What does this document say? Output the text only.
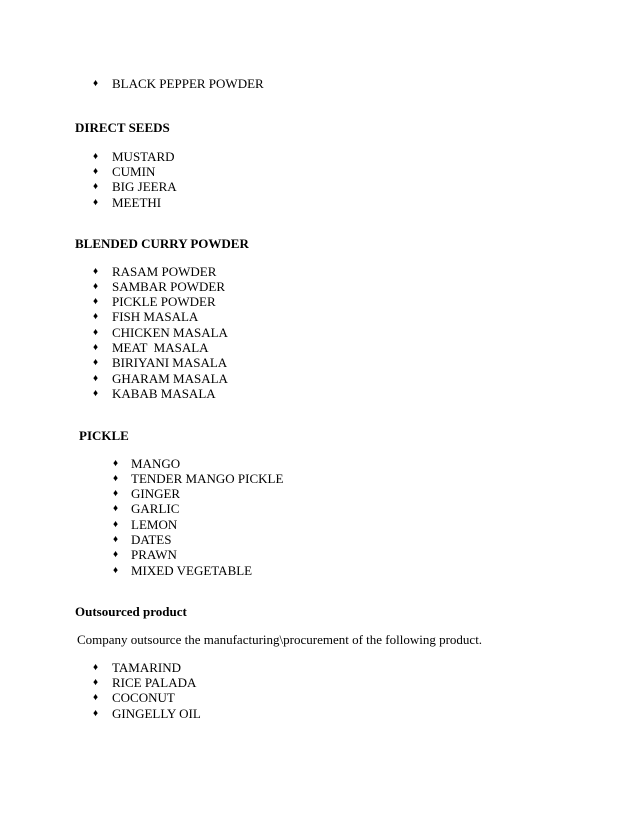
♦ BLACK PEPPER POWDER
DIRECT SEEDS
♦ MUSTARD
♦ CUMIN
♦ BIG JEERA
♦ MEETHI
BLENDED CURRY POWDER
♦ RASAM POWDER
♦ SAMBAR POWDER
♦ PICKLE POWDER
♦ FISH MASALA
♦ CHICKEN MASALA
♦ MEAT  MASALA
♦ BIRIYANI MASALA
♦ GHARAM MASALA
♦ KABAB MASALA
PICKLE
♦ MANGO
♦ TENDER MANGO PICKLE
♦ GINGER
♦ GARLIC
♦ LEMON
♦ DATES
♦ PRAWN
♦ MIXED VEGETABLE
Outsourced product
Company outsource the manufacturing\procurement of the following product.
♦ TAMARIND
♦ RICE PALADA
♦ COCONUT
♦ GINGELLY OIL
